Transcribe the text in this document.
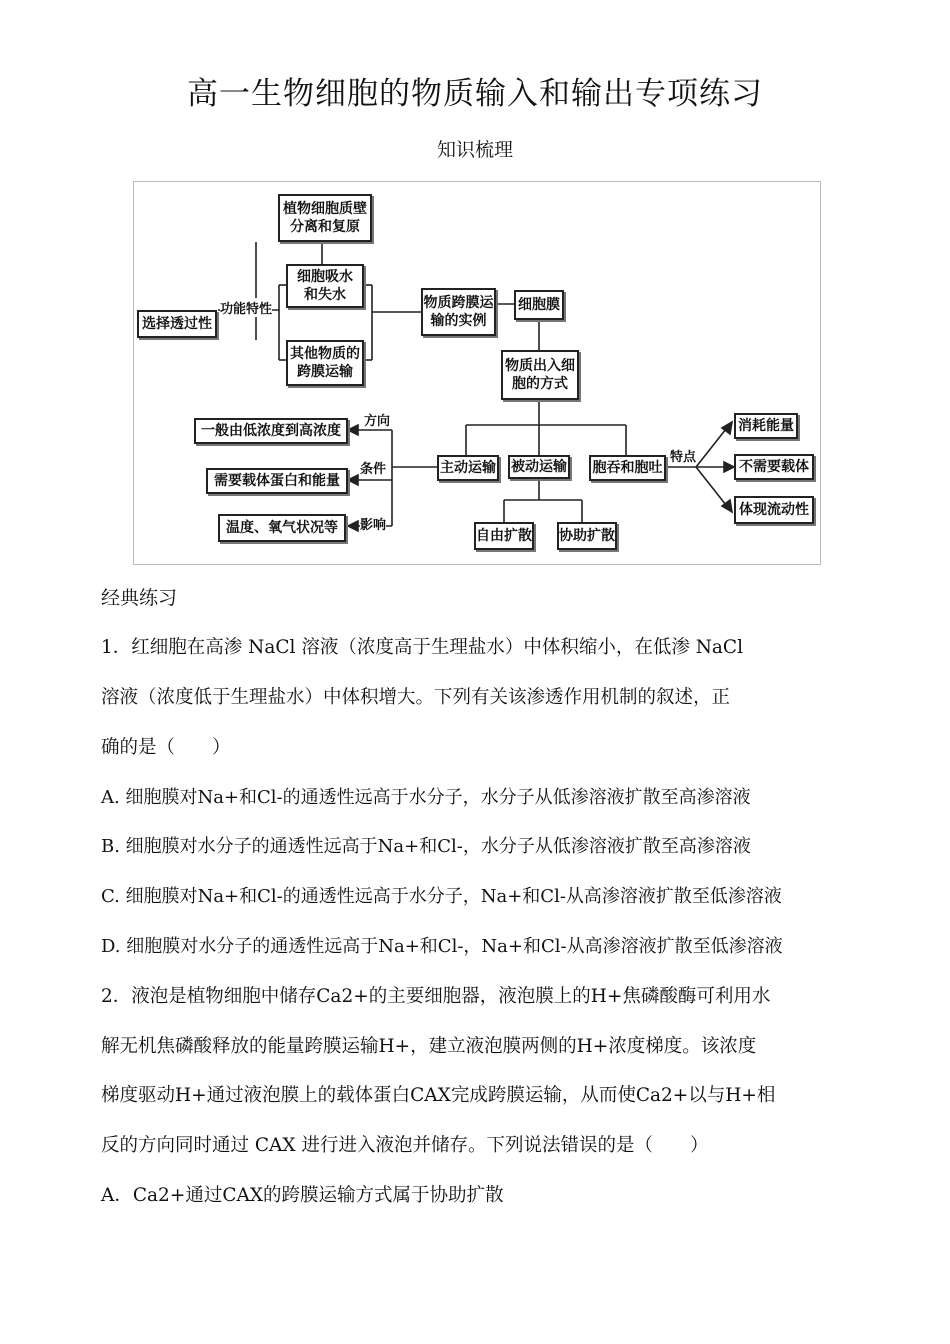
高一生物细胞的物质输入和输出专项练习
知识梳理
植物细胞质壁
分离和复原
细胞吸水
和失水
其他物质的
跨膜运输
选择透过性
物质跨膜运
输的实例
细胞膜
物质出入细
胞的方式
一般由低浓度到高浓度
需要载体蛋白和能量
温度、氧气状况等
主动运输 被动运输 胞吞和胞吐
自由扩散 协助扩散
消耗能量
不需要载体
体现流动性
功能特性
方向
条件
影响
特点
经典练习
1．红细胞在高渗 NaCl 溶液（浓度高于生理盐水）中体积缩小，在低渗 NaCl
溶液（浓度低于生理盐水）中体积增大。下列有关该渗透作用机制的叙述，正
确的是（　　）
A. 细胞膜对Na+和Cl-的通透性远高于水分子，水分子从低渗溶液扩散至高渗溶液
B. 细胞膜对水分子的通透性远高于Na+和Cl-，水分子从低渗溶液扩散至高渗溶液
C. 细胞膜对Na+和Cl-的通透性远高于水分子，Na+和Cl-从高渗溶液扩散至低渗溶液
D. 细胞膜对水分子的通透性远高于Na+和Cl-，Na+和Cl-从高渗溶液扩散至低渗溶液
2．液泡是植物细胞中储存Ca2+的主要细胞器，液泡膜上的H+焦磷酸酶可利用水
解无机焦磷酸释放的能量跨膜运输H+，建立液泡膜两侧的H+浓度梯度。该浓度
梯度驱动H+通过液泡膜上的载体蛋白CAX完成跨膜运输，从而使Ca2+以与H+相
反的方向同时通过 CAX 进行进入液泡并储存。下列说法错误的是（　　）
A．Ca2+通过CAX的跨膜运输方式属于协助扩散
